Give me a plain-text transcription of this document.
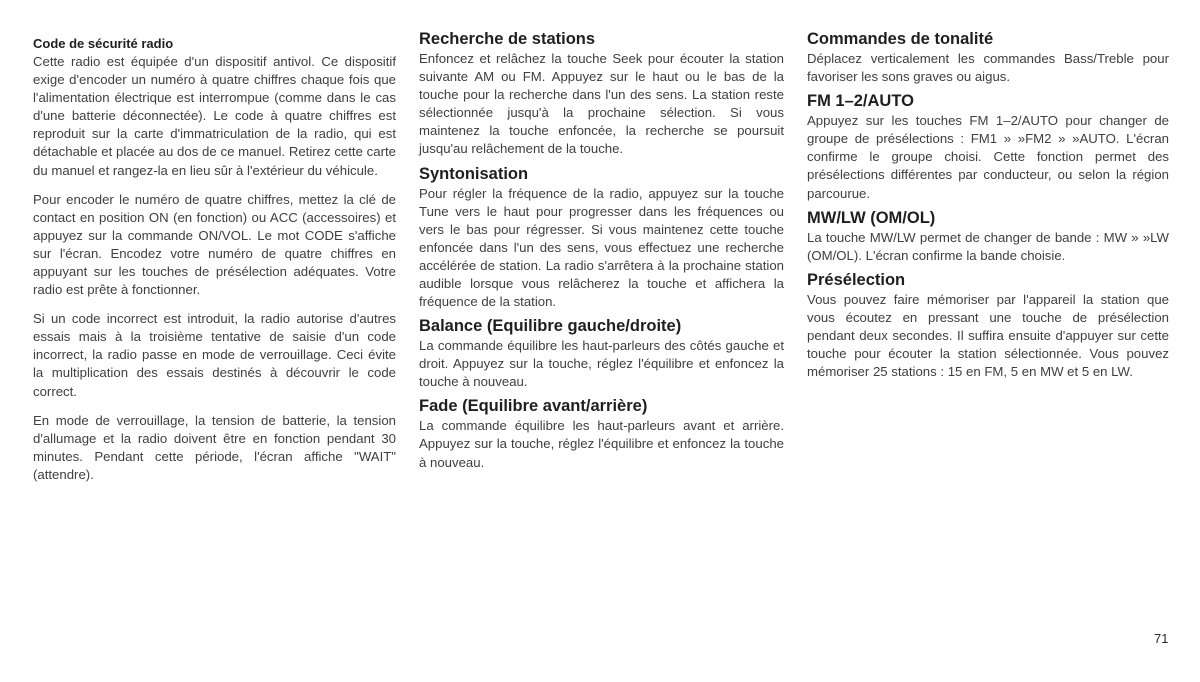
Code de sécurité radio

Cette radio est équipée d'un dispositif antivol. Ce dispositif exige d'encoder un numéro à quatre chiffres chaque fois que l'alimentation électrique est interrompue (comme dans le cas d'une batterie déconnectée). Le code à quatre chiffres est reproduit sur la carte d'immatriculation de la radio, qui est détachable et placée au dos de ce manuel. Retirez cette carte du manuel et rangez-la en lieu sûr à l'extérieur du véhicule.

Pour encoder le numéro de quatre chiffres, mettez la clé de contact en position ON (en fonction) ou ACC (accessoires) et appuyez sur la commande ON/VOL. Le mot CODE s'affiche sur l'écran. Encodez votre numéro de quatre chiffres en appuyant sur les touches de présélection adéquates. Votre radio est prête à fonctionner.

Si un code incorrect est introduit, la radio autorise d'autres essais mais à la troisième tentative de saisie d'un code incorrect, la radio passe en mode de verrouillage. Ceci évite la multiplication des essais destinés à découvrir le code correct.

En mode de verrouillage, la tension de batterie, la tension d'allumage et la radio doivent être en fonction pendant 30 minutes. Pendant cette période, l'écran affiche "WAIT" (attendre).

Recherche de stations

Enfoncez et relâchez la touche Seek pour écouter la station suivante AM ou FM. Appuyez sur le haut ou le bas de la touche pour la recherche dans l'un des sens. La station reste sélectionnée jusqu'à la prochaine sélection. Si vous maintenez la touche enfoncée, la recherche se poursuit jusqu'au relâchement de la touche.

Syntonisation

Pour régler la fréquence de la radio, appuyez sur la touche Tune vers le haut pour progresser dans les fréquences ou vers le bas pour régresser. Si vous maintenez cette touche enfoncée dans l'un des sens, vous effectuez une recherche accélérée de station. La radio s'arrêtera à la prochaine station audible lorsque vous relâcherez la touche et affichera la fréquence de la station.

Balance (Equilibre gauche/droite)

La commande équilibre les haut-parleurs des côtés gauche et droit. Appuyez sur la touche, réglez l'équilibre et enfoncez la touche à nouveau.

Fade (Equilibre avant/arrière)

La commande équilibre les haut-parleurs avant et arrière. Appuyez sur la touche, réglez l'équilibre et enfoncez la touche à nouveau.

Commandes de tonalité

Déplacez verticalement les commandes Bass/Treble pour favoriser les sons graves ou aigus.

FM 1–2/AUTO

Appuyez sur les touches FM 1–2/AUTO pour changer de groupe de présélections : FM1 » »FM2 » »AUTO. L'écran confirme le groupe choisi. Cette fonction permet des présélections différentes par conducteur, ou selon la région parcourue.

MW/LW (OM/OL)

La touche MW/LW permet de changer de bande : MW » »LW (OM/OL). L'écran confirme la bande choisie.

Présélection

Vous pouvez faire mémoriser par l'appareil la station que vous écoutez en pressant une touche de présélection pendant deux secondes. Il suffira ensuite d'appuyer sur cette touche pour écouter la station sélectionnée. Vous pouvez mémoriser 25 stations : 15 en FM, 5 en MW et 5 en LW.

71
